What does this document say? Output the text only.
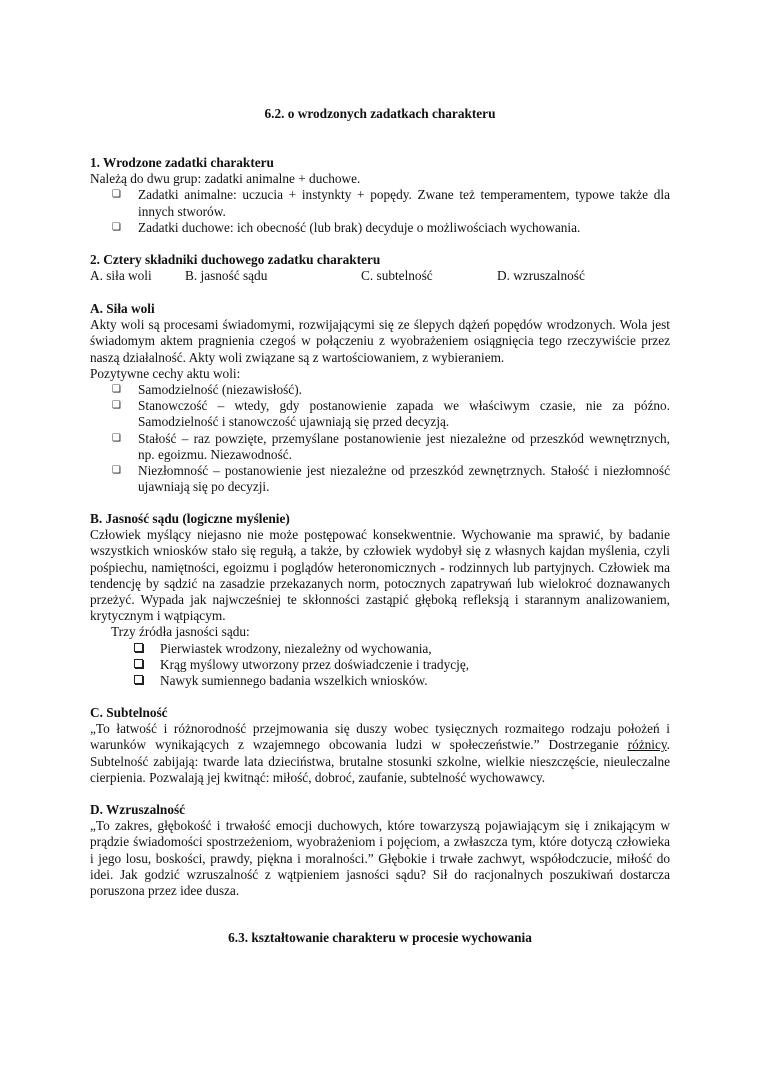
6.2. o wrodzonych zadatkach charakteru
1. Wrodzone zadatki charakteru

Należą do dwu grup: zadatki animalne + duchowe.

❏ Zadatki animalne: uczucia + instynkty + popędy. Zwane też temperamentem, typowe także dla innych stworów.
❏ Zadatki duchowe: ich obecność (lub brak) decyduje o możliwościach wychowania.
2. Cztery składniki duchowego zadatku charakteru
A. siła woli	B. jasność sądu	C. subtelność	D. wzruszalność
A. Siła woli

Akty woli są procesami świadomymi, rozwijającymi się ze ślepych dążeń popędów wrodzonych. Wola jest świadomym aktem pragnienia czegoś w połączeniu z wyobrażeniem osiągnięcia tego rzeczywiście przez naszą działalność. Akty woli związane są z wartościowaniem, z wybieraniem.

Pozytywne cechy aktu woli:

❏ Samodzielność (niezawisłość).
❏ Stanowczość – wtedy, gdy postanowienie zapada we właściwym czasie, nie za późno. Samodzielność i stanowczość ujawniają się przed decyzją.
❏ Stałość – raz powzięte, przemyślane postanowienie jest niezależne od przeszkód wewnętrznych, np. egoizmu. Niezawodność.
❏ Niezłomność – postanowienie jest niezależne od przeszkód zewnętrznych. Stałość i niezłomność ujawniają się po decyzji.
B. Jasność sądu (logiczne myślenie)

Człowiek myślący niejasno nie może postępować konsekwentnie. Wychowanie ma sprawić, by badanie wszystkich wniosków stało się regułą, a także, by człowiek wydobył się z własnych kajdan myślenia, czyli pośpiechu, namiętności, egoizmu i poglądów heteronomicznych - rodzinnych lub partyjnych. Człowiek ma tendencję by sądzić na zasadzie przekazanych norm, potocznych zapatrywań lub wielokroć doznawanych przeżyć. Wypada jak najwcześniej te skłonności zastąpić głęboką refleksją i starannym analizowaniem, krytycznym i wątpiącym.

Trzy źródła jasności sądu:

Pierwiastek wrodzony, niezależny od wychowania,
Krąg myślowy utworzony przez doświadczenie i tradycję,
Nawyk sumiennego badania wszelkich wniosków.
C. Subtelność

„To łatwość i różnorodność przejmowania się duszy wobec tysięcznych rozmaitego rodzaju położeń i warunków wynikających z wzajemnego obcowania ludzi w społeczeństwie.” Dostrzeganie różnicy. Subtelność zabijają: twarde lata dzieciństwa, brutalne stosunki szkolne, wielkie nieszczęście, nieuleczalne cierpienia. Pozwalają jej kwitnąć: miłość, dobroć, zaufanie, subtelność wychowawcy.

D. Wzruszalność

„To zakres, głębokość i trwałość emocji duchowych, które towarzyszą pojawiającym się i znikającym w prądzie świadomości spostrzeżeniom, wyobrażeniom i pojęciom, a zwłaszcza tym, które dotyczą człowieka i jego losu, boskości, prawdy, piękna i moralności.” Głębokie i trwałe zachwyt, współodczucie, miłość do idei. Jak godzić wzruszalność z wątpieniem jasności sądu? Sił do racjonalnych poszukiwań dostarcza poruszona przez idee dusza.

6.3. kształtowanie charakteru w procesie wychowania
